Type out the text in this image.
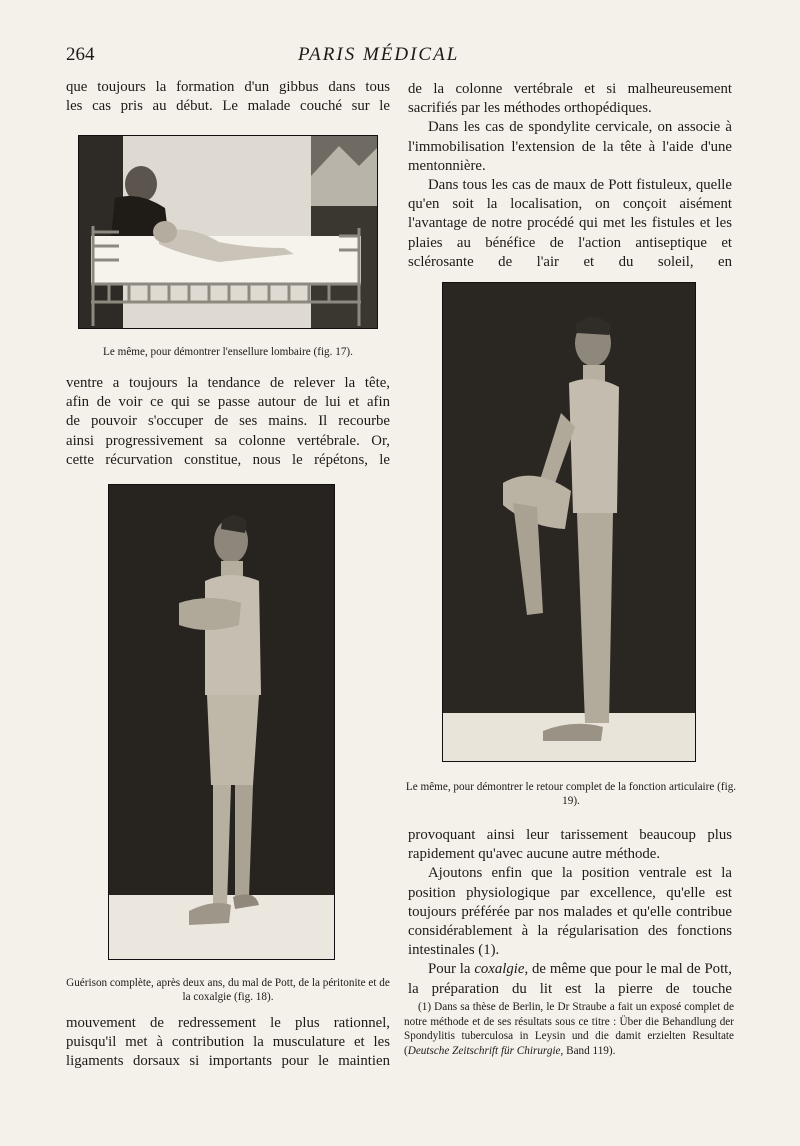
264	PARIS MÉDICAL

que toujours la formation d'un gibbus dans tous

les cas pris au début. Le malade couché sur le

Le même, pour démontrer l'ensellure lombaire (fig. 17).

ventre a toujours la tendance de relever la tête,

afin de voir ce qui se passe autour de lui et afin

de pouvoir s'occuper de ses mains. Il recourbe

ainsi progressivement sa colonne vertébrale. Or,

cette récurvation constitue, nous le répétons, le

Guérison complète, après deux ans, du mal de Pott, de la péritonite et de la coxalgie (fig. 18).

mouvement de redressement le plus rationnel,

puisqu'il met à contribution la musculature et les

ligaments dorsaux si importants pour le maintien

de la colonne vertébrale et si malheureusement sacrifiés par les méthodes orthopédiques.

Dans les cas de spondylite cervicale, on associe à l'immobilisation l'extension de la tête à l'aide d'une mentonnière.

Dans tous les cas de maux de Pott fistuleux, quelle qu'en soit la localisation, on conçoit aisément l'avantage de notre procédé qui met les fistules et les plaies au bénéfice de l'action antiseptique et sclérosante de l'air et du soleil, en

Le même, pour démontrer le retour complet de la fonction articulaire (fig. 19).

provoquant ainsi leur tarissement beaucoup plus rapidement qu'avec aucune autre méthode.

Ajoutons enfin que la position ventrale est la position physiologique par excellence, qu'elle est toujours préférée par nos malades et qu'elle contribue considérablement à la régularisation des fonctions intestinales (1).

Pour la coxalgie, de même que pour le mal de Pott, la préparation du lit est la pierre de touche

(1) Dans sa thèse de Berlin, le Dr Straube a fait un exposé complet de notre méthode et de ses résultats sous ce titre : Über die Behandlung der Spondylitis tuberculosa in Leysin und die damit erzielten Resultate (Deutsche Zeitschrift für Chirurgie, Band 119).
